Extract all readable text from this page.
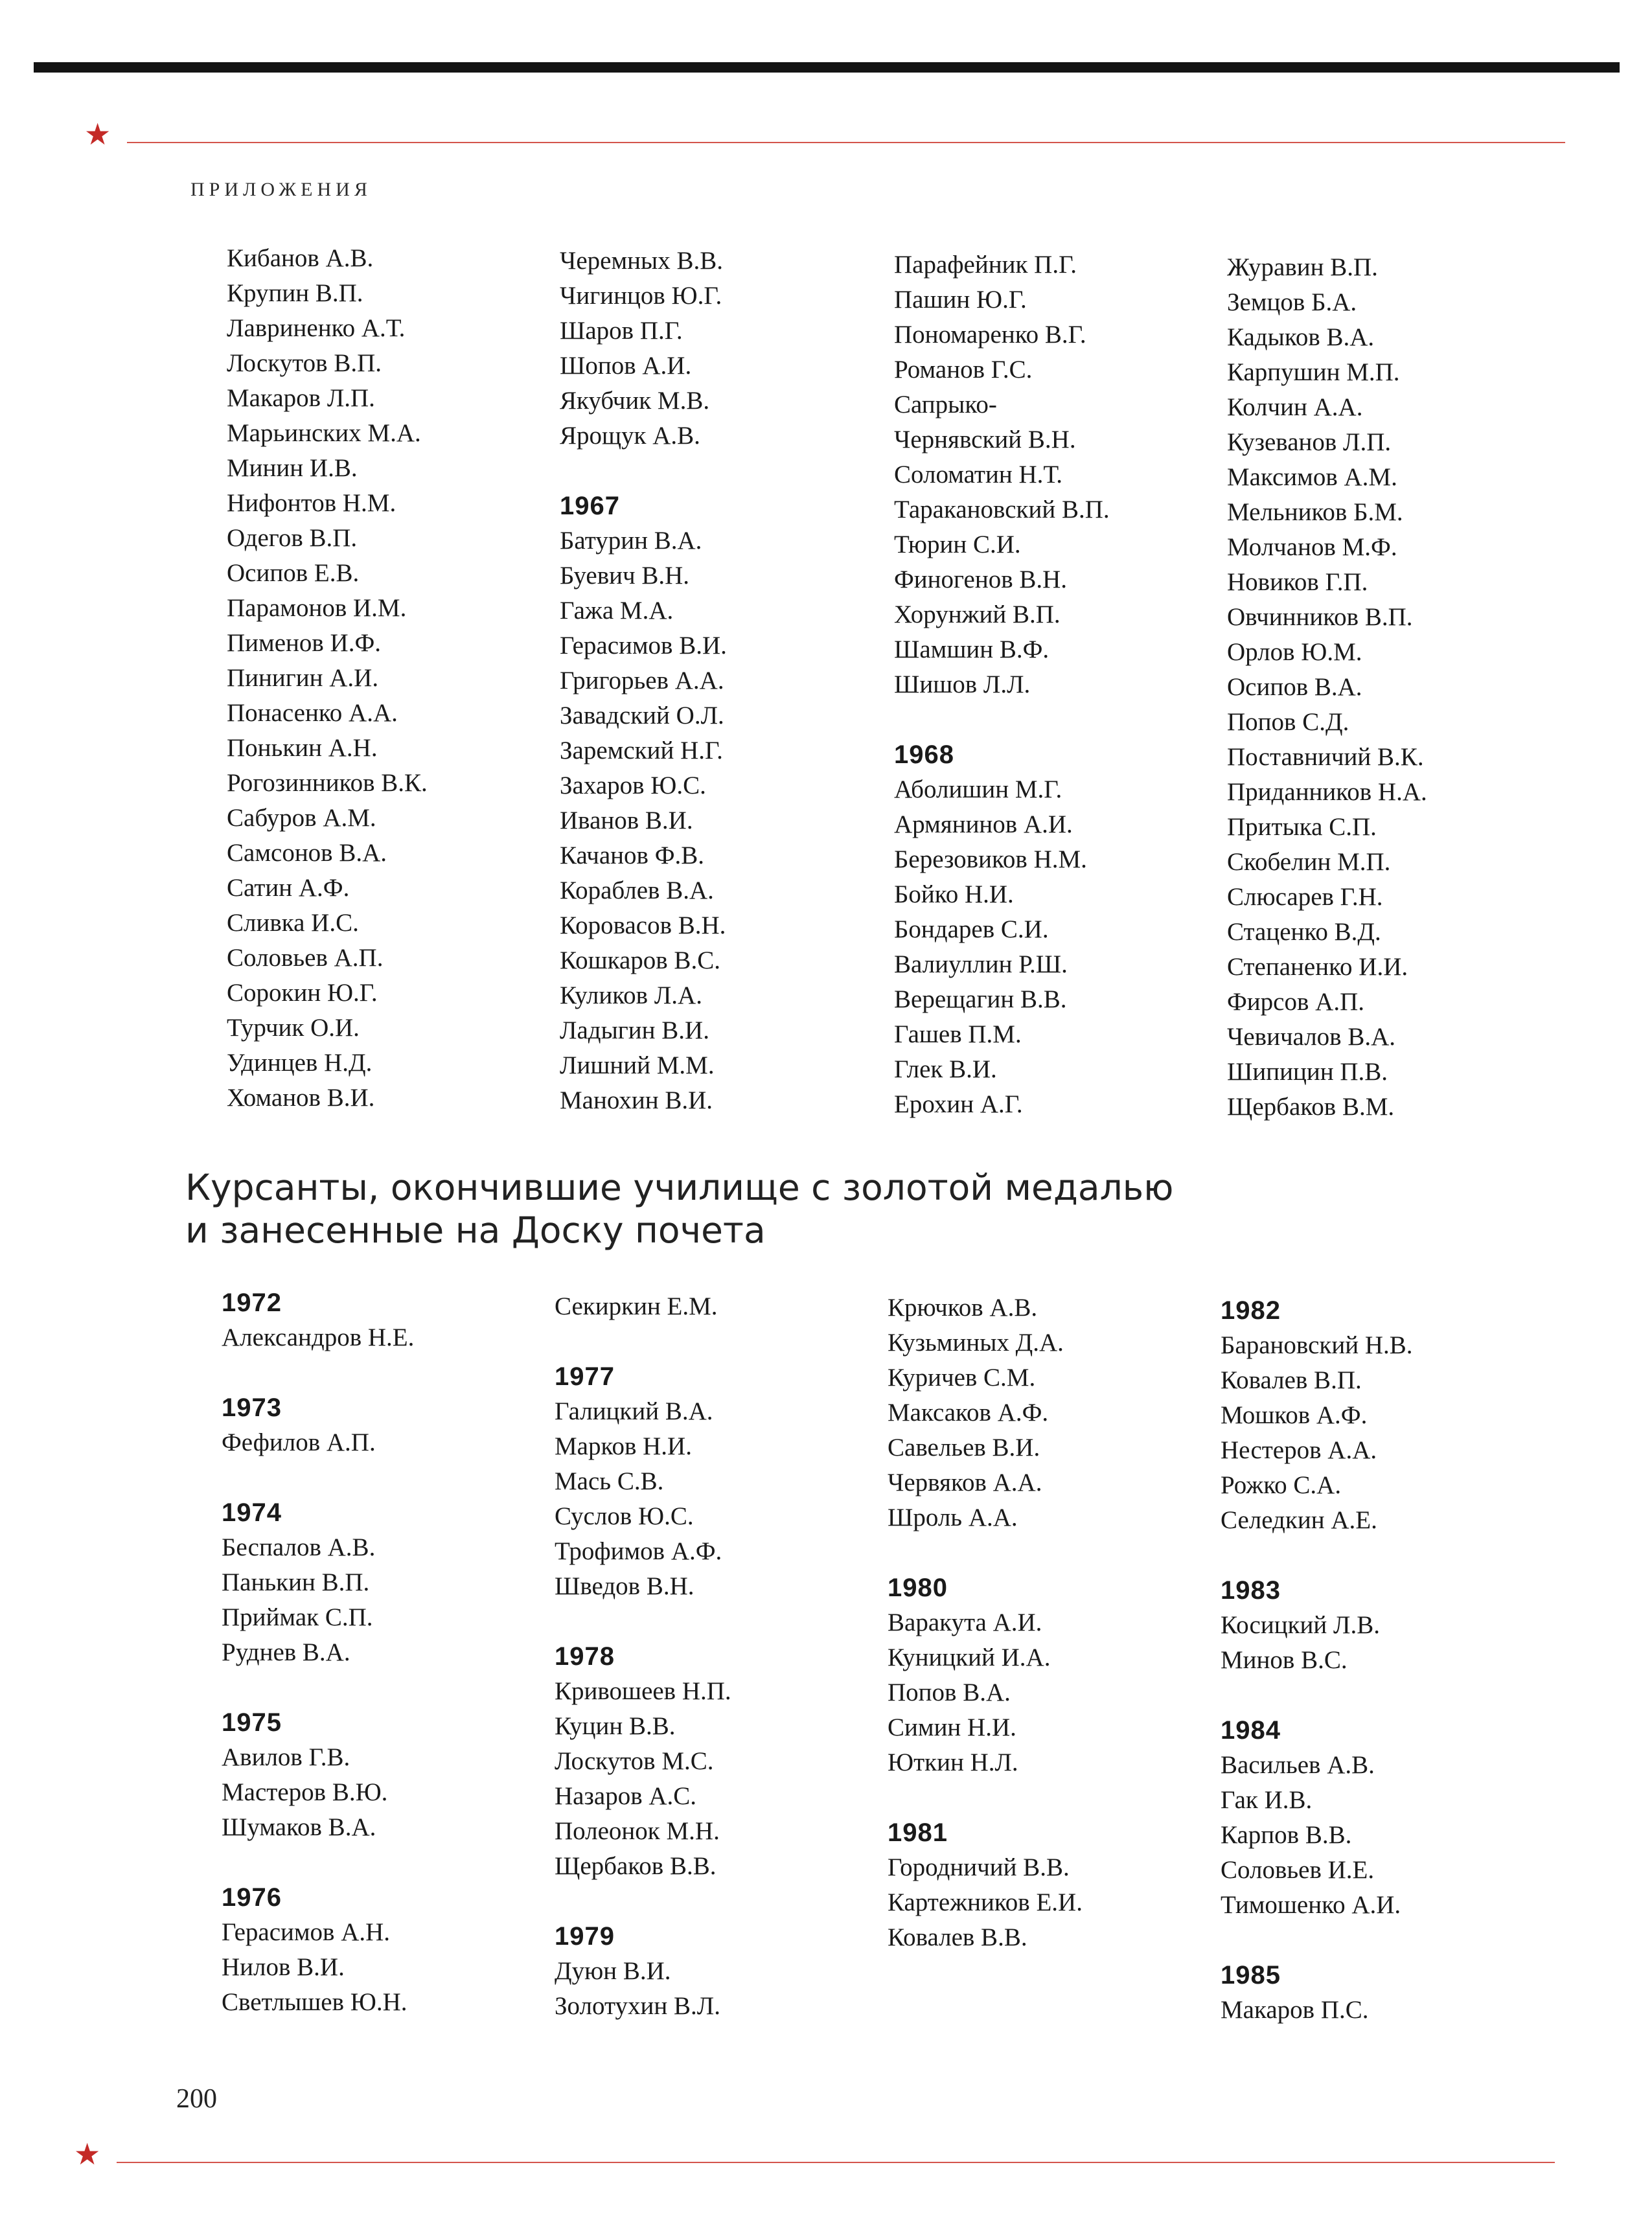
★
ПРИЛОЖЕНИЯ
Кибанов А.В.
Крупин В.П.
Лавриненко А.Т.
Лоскутов В.П.
Макаров Л.П.
Марьинских М.А.
Минин И.В.
Нифонтов Н.М.
Одегов В.П.
Осипов Е.В.
Парамонов И.М.
Пименов И.Ф.
Пинигин А.И.
Понасенко А.А.
Понькин А.Н.
Рогозинников В.К.
Сабуров А.М.
Самсонов В.А.
Сатин А.Ф.
Сливка И.С.
Соловьев А.П.
Сорокин Ю.Г.
Турчик О.И.
Удинцев Н.Д.
Хоманов В.И.
Черемных В.В.
Чигинцов Ю.Г.
Шаров П.Г.
Шопов А.И.
Якубчик М.В.
Ярощук А.В.
1967
Батурин В.А.
Буевич В.Н.
Гажа М.А.
Герасимов В.И.
Григорьев А.А.
Завадский О.Л.
Заремский Н.Г.
Захаров Ю.С.
Иванов В.И.
Качанов Ф.В.
Кораблев В.А.
Коровасов В.Н.
Кошкаров В.С.
Куликов Л.А.
Ладыгин В.И.
Лишний М.М.
Манохин В.И.
Парафейник П.Г.
Пашин Ю.Г.
Пономаренко В.Г.
Романов Г.С.
Сапрыко-
Чернявский В.Н.
Соломатин Н.Т.
Таракановский В.П.
Тюрин С.И.
Финогенов В.Н.
Хорунжий В.П.
Шамшин В.Ф.
Шишов Л.Л.
1968
Аболишин М.Г.
Армянинов А.И.
Березовиков Н.М.
Бойко Н.И.
Бондарев С.И.
Валиуллин Р.Ш.
Верещагин В.В.
Гашев П.М.
Глек В.И.
Ерохин А.Г.
Журавин В.П.
Земцов Б.А.
Кадыков В.А.
Карпушин М.П.
Колчин А.А.
Кузеванов Л.П.
Максимов А.М.
Мельников Б.М.
Молчанов М.Ф.
Новиков Г.П.
Овчинников В.П.
Орлов Ю.М.
Осипов В.А.
Попов С.Д.
Поставничий В.К.
Приданников Н.А.
Притыка С.П.
Скобелин М.П.
Слюсарев Г.Н.
Стаценко В.Д.
Степаненко И.И.
Фирсов А.П.
Чевичалов В.А.
Шипицин П.В.
Щербаков В.М.
Курсанты, окончившие училище с золотой медалью
и занесенные на Доску почета
1972
Александров Н.Е.
1973
Фефилов А.П.
1974
Беспалов А.В.
Панькин В.П.
Приймак С.П.
Руднев В.А.
1975
Авилов Г.В.
Мастеров В.Ю.
Шумаков В.А.
1976
Герасимов А.Н.
Нилов В.И.
Светлышев Ю.Н.
Секиркин Е.М.
1977
Галицкий В.А.
Марков Н.И.
Мась С.В.
Суслов Ю.С.
Трофимов А.Ф.
Шведов В.Н.
1978
Кривошеев Н.П.
Куцин В.В.
Лоскутов М.С.
Назаров А.С.
Полеонок М.Н.
Щербаков В.В.
1979
Дуюн В.И.
Золотухин В.Л.
Крючков А.В.
Кузьминых Д.А.
Куричев С.М.
Максаков А.Ф.
Савельев В.И.
Червяков А.А.
Шроль А.А.
1980
Варакута А.И.
Куницкий И.А.
Попов В.А.
Симин Н.И.
Юткин Н.Л.
1981
Городничий В.В.
Картежников Е.И.
Ковалев В.В.
1982
Барановский Н.В.
Ковалев В.П.
Мошков А.Ф.
Нестеров А.А.
Рожко С.А.
Селедкин А.Е.
1983
Косицкий Л.В.
Минов В.С.
1984
Васильев А.В.
Гак И.В.
Карпов В.В.
Соловьев И.Е.
Тимошенко А.И.
1985
Макаров П.С.
200
★
